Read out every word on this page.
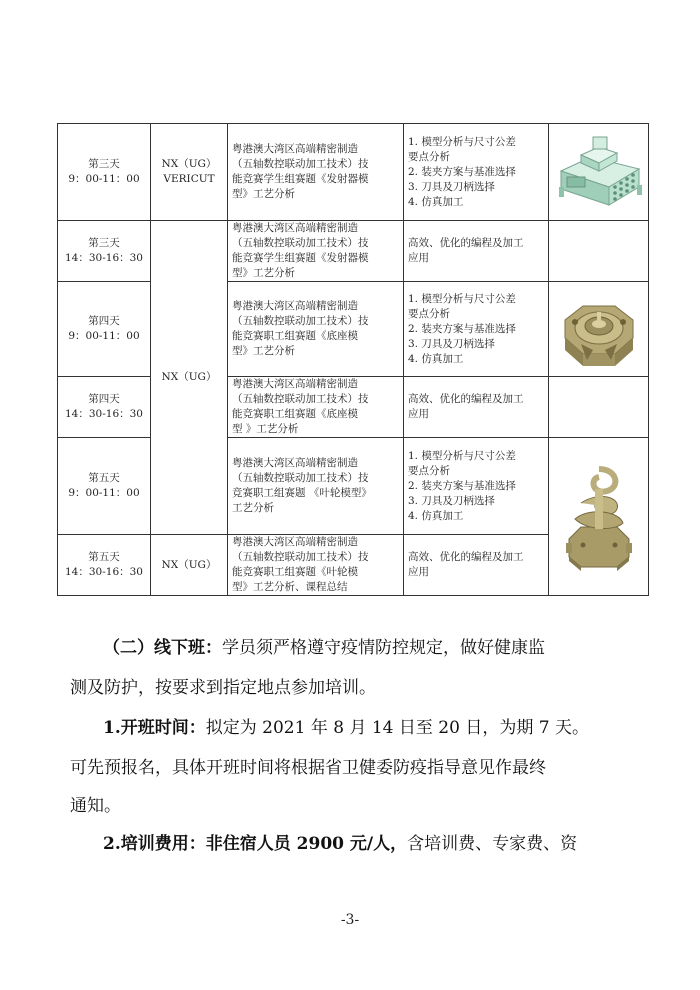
第三天
9：00-11：00	NX（UG）
VERICUT	粤港澳大湾区高端精密制造
（五轴数控联动加工技术）技
能竞赛学生组赛题《发射器模
型》工艺分析	1. 模型分析与尺寸公差
要点分析
2. 装夹方案与基准选择
3. 刀具及刀柄选择
4. 仿真加工

第三天
14：30-16：30	NX（UG）	粤港澳大湾区高端精密制造
（五轴数控联动加工技术）技
能竞赛学生组赛题《发射器模
型》工艺分析	高效、优化的编程及加工
应用	

第四天
9：00-11：00		粤港澳大湾区高端精密制造
（五轴数控联动加工技术）技
能竞赛职工组赛题《底座模
型》工艺分析	1. 模型分析与尺寸公差
要点分析
2. 装夹方案与基准选择
3. 刀具及刀柄选择
4. 仿真加工

第四天
14：30-16：30		粤港澳大湾区高端精密制造
（五轴数控联动加工技术）技
能竞赛职工组赛题《底座模
型 》工艺分析	高效、优化的编程及加工
应用	

第五天
9：00-11：00		粤港澳大湾区高端精密制造
（五轴数控联动加工技术）技
竞赛职工组赛题 《叶轮模型》
工艺分析	1. 模型分析与尺寸公差
要点分析
2. 装夹方案与基准选择
3. 刀具及刀柄选择
4. 仿真加工

第五天
14：30-16：30	NX（UG）	粤港澳大湾区高端精密制造
（五轴数控联动加工技术）技
能竞赛职工组赛题《叶轮模
型》工艺分析、课程总结	高效、优化的编程及加工
应用	
（二）线下班：学员须严格遵守疫情防控规定，做好健康监
测及防护，按要求到指定地点参加培训。
1.开班时间：拟定为 2021 年 8 月 14 日至 20 日，为期 7 天。
可先预报名，具体开班时间将根据省卫健委防疫指导意见作最终
通知。
2.培训费用：非住宿人员 2900 元/人，含培训费、专家费、资
-3-
